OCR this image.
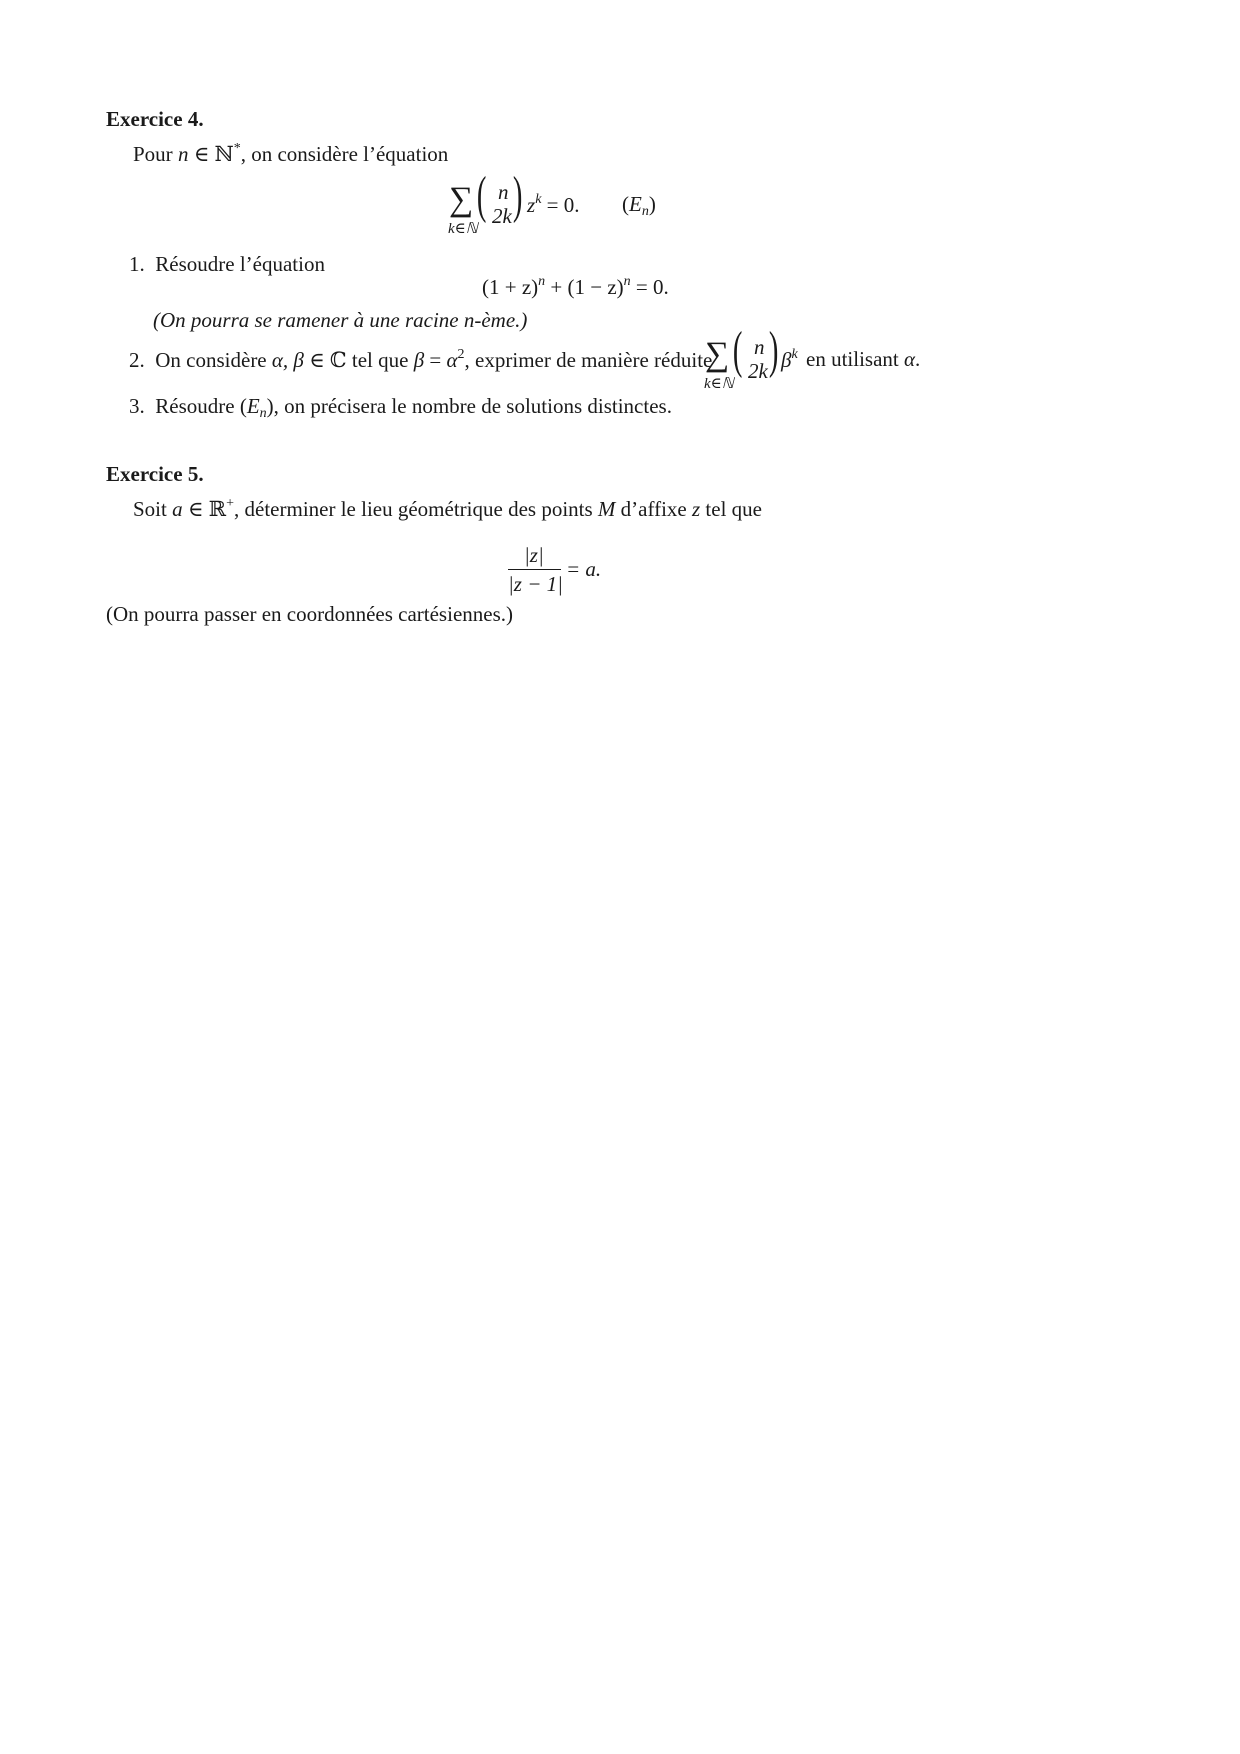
Exercice 4.
Pour n ∈ ℕ*, on considère l’équation
∑
k∈ℕ
( n
2k ) $z^k = 0$. $(E_n)$
1. Résoudre l’équation
$(1 + z)^n + (1 - z)^n = 0$.
(On pourra se ramener à une racine n-ème.)
2. On considère α, β ∈ ℂ tel que $\beta = \alpha^2$, exprimer de manière réduite
∑
k∈ℕ
( n
2k ) $\beta^k$ en utilisant α.
3. Résoudre $(E_n)$, on précisera le nombre de solutions distinctes.
Exercice 5.
Soit a ∈ ℝ+, déterminer le lieu géométrique des points M d’affixe z tel que
|z|
|z − 1|
= a.
(On pourra passer en coordonnées cartésiennes.)
